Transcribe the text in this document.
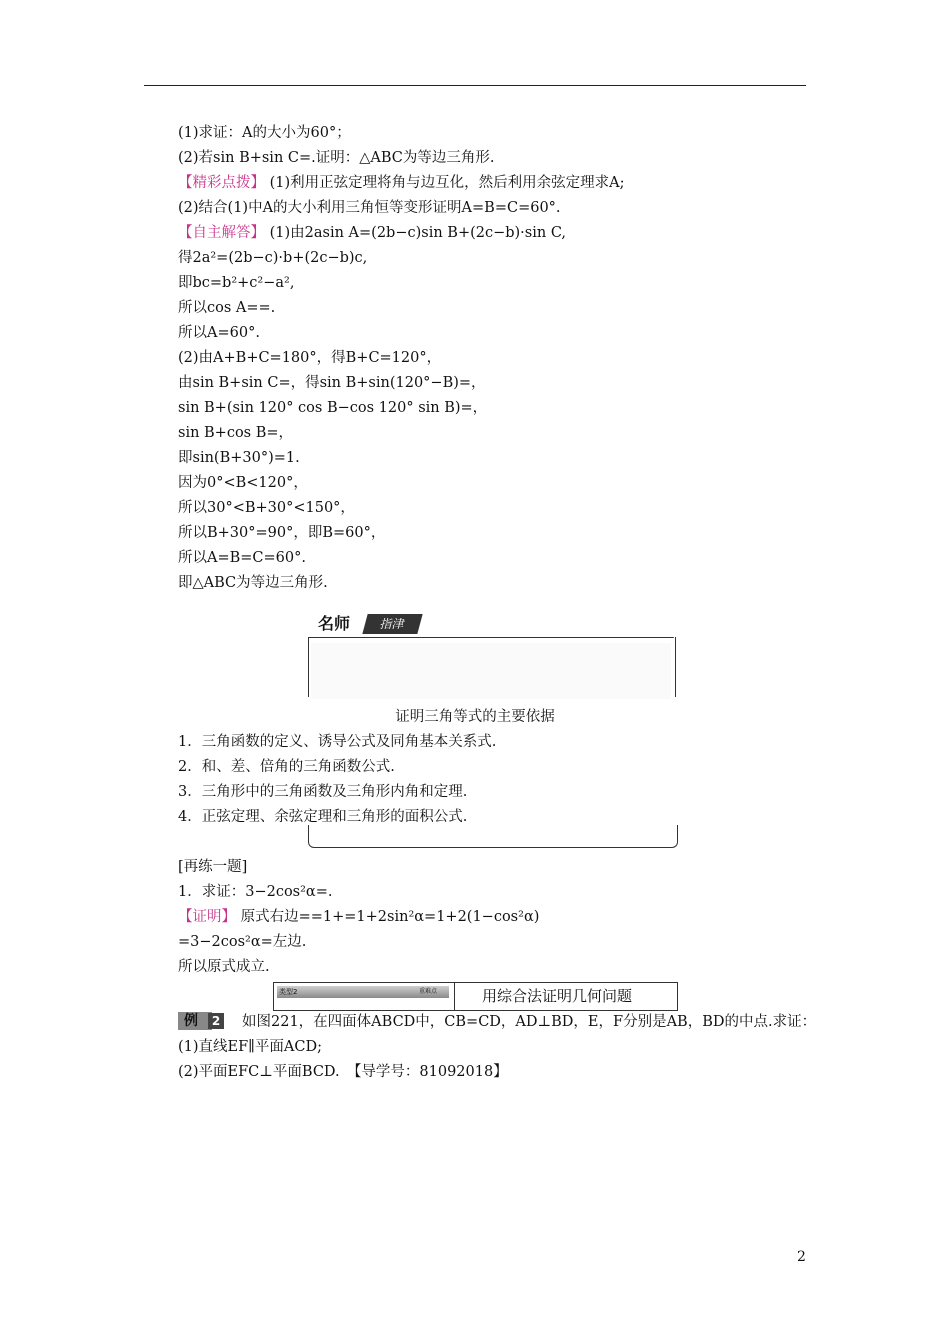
(1)求证：A的大小为60°；
(2)若sin B+sin C=.证明：△ABC为等边三角形.
【精彩点拨】 (1)利用正弦定理将角与边互化，然后利用余弦定理求A;
(2)结合(1)中A的大小利用三角恒等变形证明A=B=C=60°.
【自主解答】 (1)由2asin A=(2b−c)sin B+(2c−b)·sin C,
得2a²=(2b−c)·b+(2c−b)c,
即bc=b²+c²−a²,
所以cos A==.
所以A=60°.
(2)由A+B+C=180°，得B+C=120°，
由sin B+sin C=，得sin B+sin(120°−B)=，
sin B+(sin 120° cos B−cos 120° sin B)=，
sin B+cos B=，
即sin(B+30°)=1.
因为0°<B<120°，
所以30°<B+30°<150°，
所以B+30°=90°，即B=60°，
所以A=B=C=60°.
即△ABC为等边三角形.
名师	指津
证明三角等式的主要依据
1．三角函数的定义、诱导公式及同角基本关系式.
2．和、差、倍角的三角函数公式.
3．三角形中的三角函数及三角形内角和定理.
4．正弦定理、余弦定理和三角形的面积公式.
[再练一题]
1．求证：3−2cos²α=.
【证明】 原式右边==1+=1+2sin²α=1+2(1−cos²α)
=3−2cos²α=左边.
所以原式成立.
类型2	重难点	用综合法证明几何问题
例	2 如图221，在四面体ABCD中，CB=CD，AD⊥BD，E，F分别是AB，BD的中点.求证：
(1)直线EF∥平面ACD;
(2)平面EFC⊥平面BCD.　【导学号：81092018】
2
